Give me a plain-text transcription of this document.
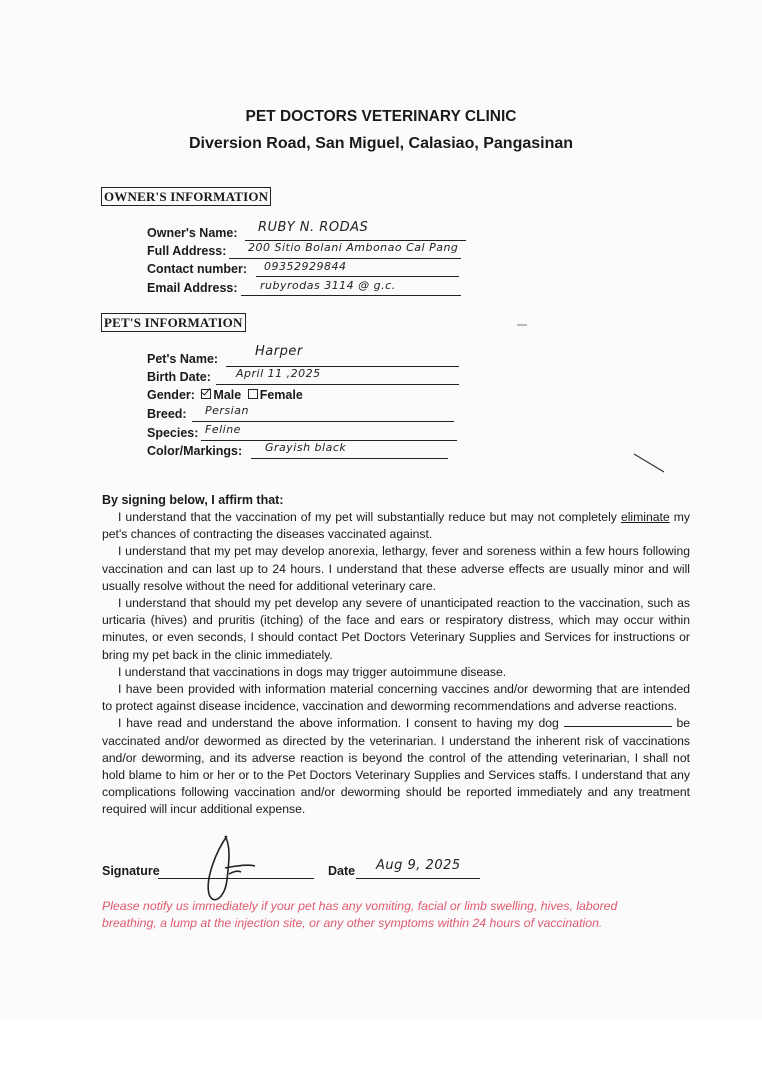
PET DOCTORS VETERINARY CLINIC
Diversion Road, San Miguel, Calasiao, Pangasinan
OWNER'S INFORMATION
Owner's Name: RUBY N. RODAS
Full Address: 200 Sitio Bolani Ambonao Cal Pang
Contact number: 09352929844
Email Address: rubyrodas 3114 @ g.c.
PET'S INFORMATION
Pet's Name:	Harper
Birth Date: April 11 ,2025
Gender: Male Female
Breed: Persian
Species: Feline
Color/Markings: Grayish black
By signing below, I affirm that:

I understand that the vaccination of my pet will substantially reduce but may not completely eliminate my pet's chances of contracting the diseases vaccinated against.

I understand that my pet may develop anorexia, lethargy, fever and soreness within a few hours following vaccination and can last up to 24 hours. I understand that these adverse effects are usually minor and will usually resolve without the need for additional veterinary care.

I understand that should my pet develop any severe of unanticipated reaction to the vaccination, such as urticaria (hives) and pruritis (itching) of the face and ears or respiratory distress, which may occur within minutes, or even seconds, I should contact Pet Doctors Veterinary Supplies and Services for instructions or bring my pet back in the clinic immediately.

I understand that vaccinations in dogs may trigger autoimmune disease.

I have been provided with information material concerning vaccines and/or deworming that are intended to protect against disease incidence, vaccination and deworming recommendations and adverse reactions.

I have read and understand the above information. I consent to having my dog	be vaccinated and/or dewormed as directed by the veterinarian. I understand the inherent risk of vaccinations and/or deworming, and its adverse reaction is beyond the control of the attending veterinarian, I shall not hold blame to him or her or to the Pet Doctors Veterinary Supplies and Services staffs. I understand that any complications following vaccination and/or deworming should be reported immediately and any treatment required will incur additional expense.

Signature	Date Aug 9, 2025
Please notify us immediately if your pet has any vomiting, facial or limb swelling, hives, labored breathing, a lump at the injection site, or any other symptoms within 24 hours of vaccination.
